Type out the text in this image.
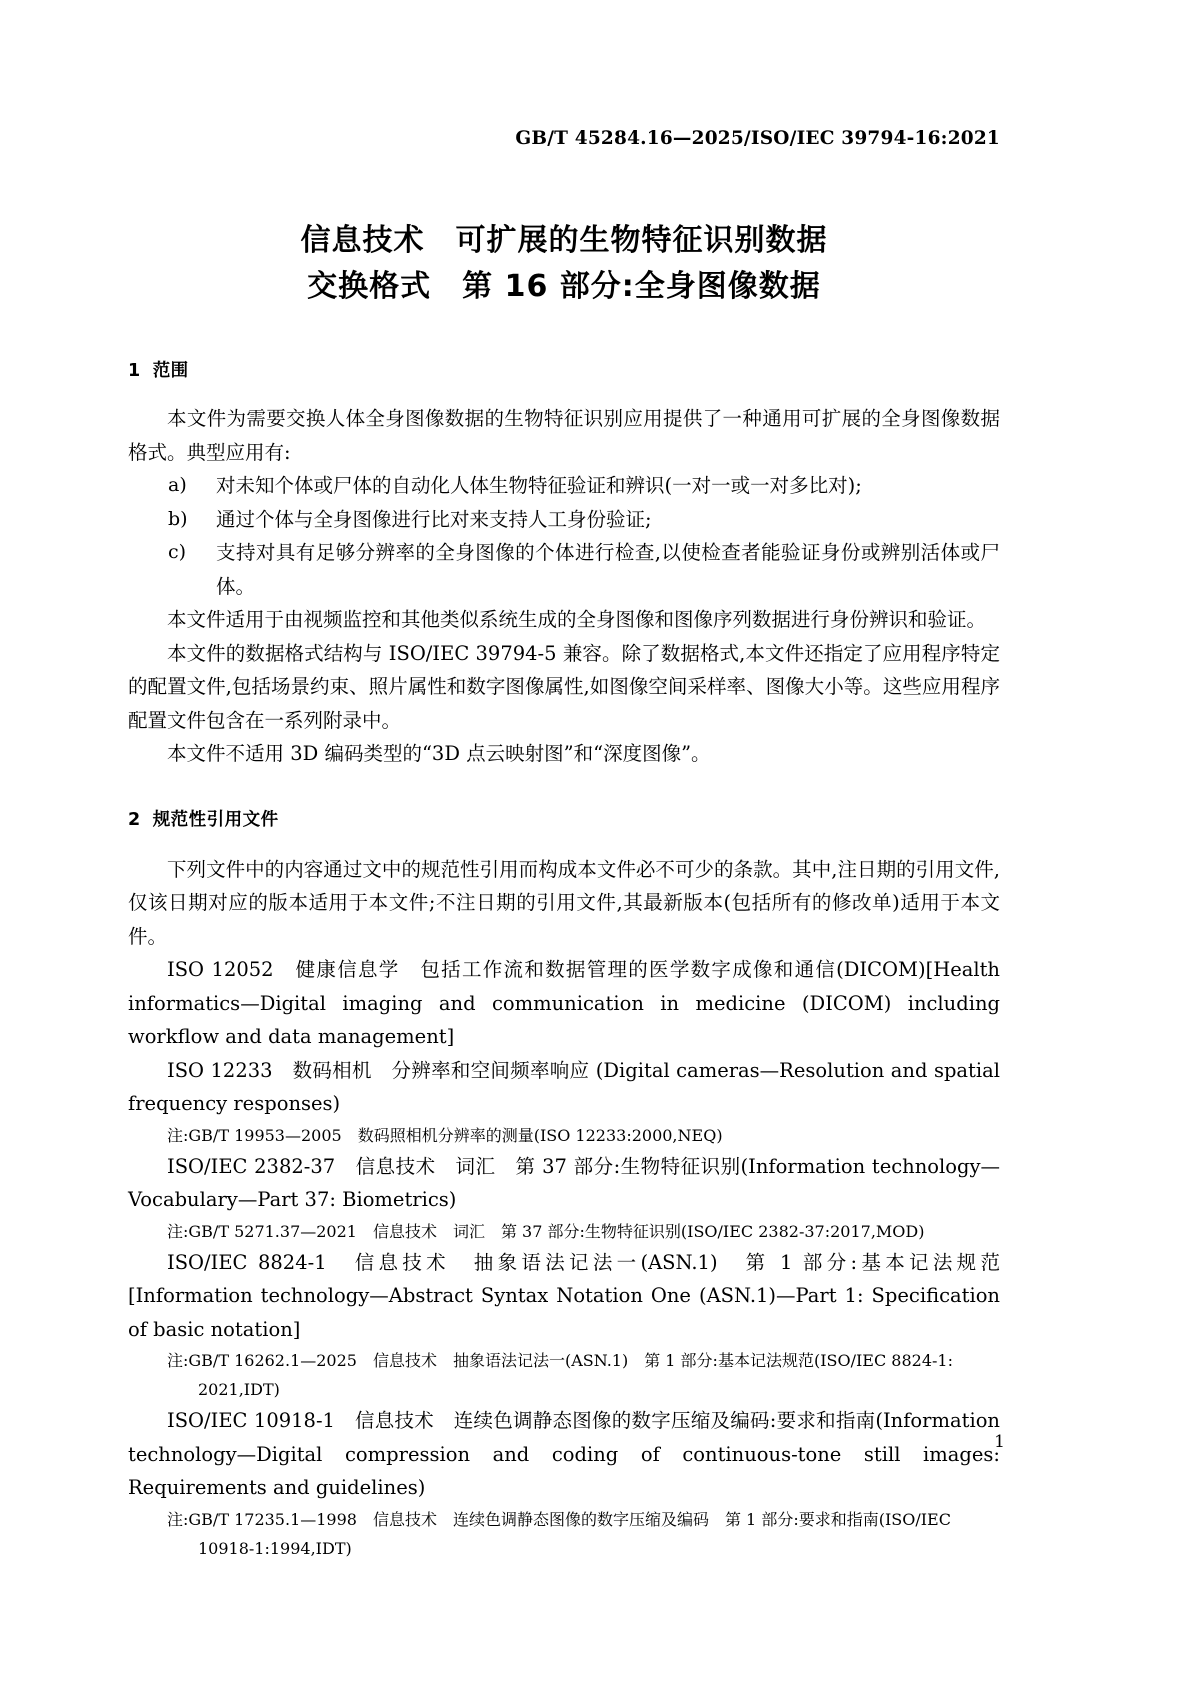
GB/T 45284.16—2025/ISO/IEC 39794-16:2021
信息技术　可扩展的生物特征识别数据
交换格式　第 16 部分:全身图像数据
1 范围

本文件为需要交换人体全身图像数据的生物特征识别应用提供了一种通用可扩展的全身图像数据格式。典型应用有:

a)	对未知个体或尸体的自动化人体生物特征验证和辨识(一对一或一对多比对);
b)	通过个体与全身图像进行比对来支持人工身份验证;
c)	支持对具有足够分辨率的全身图像的个体进行检查,以使检查者能验证身份或辨别活体或尸体。

本文件适用于由视频监控和其他类似系统生成的全身图像和图像序列数据进行身份辨识和验证。

本文件的数据格式结构与 ISO/IEC 39794-5 兼容。除了数据格式,本文件还指定了应用程序特定的配置文件,包括场景约束、照片属性和数字图像属性,如图像空间采样率、图像大小等。这些应用程序配置文件包含在一系列附录中。

本文件不适用 3D 编码类型的“3D 点云映射图”和“深度图像”。

2 规范性引用文件

下列文件中的内容通过文中的规范性引用而构成本文件必不可少的条款。其中,注日期的引用文件,仅该日期对应的版本适用于本文件;不注日期的引用文件,其最新版本(包括所有的修改单)适用于本文件。

ISO 12052　健康信息学　包括工作流和数据管理的医学数字成像和通信(DICOM)[Health informatics—Digital imaging and communication in medicine (DICOM) including workflow and data management]

ISO 12233　数码相机　分辨率和空间频率响应 (Digital cameras—Resolution and spatial frequency responses)

注:GB/T 19953—2005　数码照相机分辨率的测量(ISO 12233:2000,NEQ)

ISO/IEC 2382-37　信息技术　词汇　第 37 部分:生物特征识别(Information technology—Vocabulary—Part 37: Biometrics)

注:GB/T 5271.37—2021　信息技术　词汇　第 37 部分:生物特征识别(ISO/IEC 2382-37:2017,MOD)

ISO/IEC 8824-1　信息技术　抽象语法记法一(ASN.1)　第 1 部分:基本记法规范[Information technology—Abstract Syntax Notation One (ASN.1)—Part 1: Specification of basic notation]

注:GB/T 16262.1—2025　信息技术　抽象语法记法一(ASN.1)　第 1 部分:基本记法规范(ISO/IEC 8824-1:
2021,IDT)

ISO/IEC 10918-1　信息技术　连续色调静态图像的数字压缩及编码:要求和指南(Information technology—Digital compression and coding of continuous-tone still images: Requirements and guidelines)

注:GB/T 17235.1—1998　信息技术　连续色调静态图像的数字压缩及编码　第 1 部分:要求和指南(ISO/IEC
10918-1:1994,IDT)

1
